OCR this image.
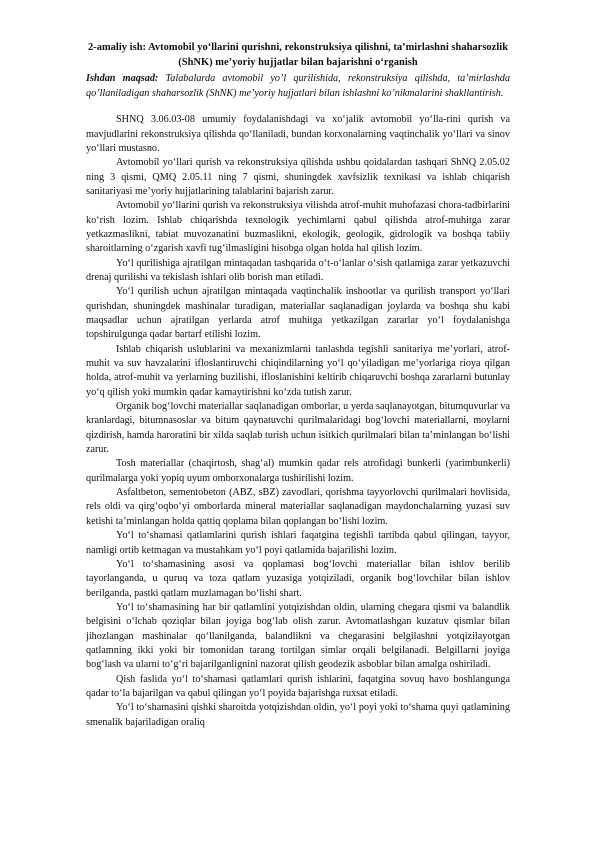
2-amaliy ish: Avtomobil yo‘llarini qurishni, rekonstruksiya qilishni, ta’mirlashni shaharsozlik (ShNK) me’yoriy hujjatlar bilan bajarishni o‘rganish

Ishdan maqsad: Talabalarda avtomobil yo’l qurilishida, rekonstruksiya qilishda, ta’mirlashda qo’llaniladigan shaharsozlik (ShNK) me’yoriy hujjatlari bilan ishlashni ko’nikmalarini shakllantirish.

SHNQ 3.06.03-08 umumiy foydalanishdagi va xo‘jalik avtomobil yo‘lla-rini qurish va mavjudlarini rekonstruksiya qilishda qo‘llaniladi, bundan korxonalarning vaqtinchalik yo‘llari va sinov yo‘llari mustasno.

Avtomobil yo‘llari qurish va rekonstruksiya qilishda ushbu qoidalardan tashqari ShNQ 2.05.02 ning 3 qismi, QMQ 2.05.11 ning 7 qismi, shuningdek xavfsizlik texnikasi va ishlab chiqarish sanitariyasi me’yoriy hujjatlarining talablarini bajarish zarur.

Avtomobil yo‘llarini qurish va rekonstruksiya vilishda atrof-muhit muhofazasi chora-tadbirlarini ko‘rish lozim. Ishlab chiqarishda texnologik yechimlarni qabul qilishda atrof-muhitga zarar yetkazmaslikni, tabiat muvozanatini buzmaslikni, ekologik, geologik, gidrologik va boshqa tabiiy sharoitlarning o‘zgarish xavfi tug‘ilmasligini hisobga olgan holda hal qilish lozim.

Yo‘l qurilishiga ajratilgan mintaqadan tashqarida o‘t-o‘lanlar o‘sish qatlamiga zarar yetkazuvchi drenaj qurilishi va tekislash ishlari olib borish man etiladi.

Yo‘l qurilish uchun ajratilgan mintaqada vaqtinchalik inshootlar va qurilish transport yo‘llari qurishdan, shuningdek mashinalar turadigan, materiallar saqlanadigan joylarda va boshqa shu kabi maqsadlar uchun ajratilgan yerlarda atrof muhitga yetkazilgan zararlar yo‘l foydalanishga topshirulgunga qadar bartarf etilishi lozim.

Ishlab chiqarish uslublarini va mexanizmlarni tanlashda tegishli sanitariya me’yorlari, atrof-muhit va suv havzalarini ifloslantiruvchi chiqindilarning yo‘l qo‘yiladigan me’yorlariga rioya qilgan holda, atrof-muhit va yerlarning buzilishi, ifloslanishini keltirib chiqaruvchi boshqa zararlarni butunlay yo‘q qilish yoki mumkin qadar kamaytirishni ko‘zda tutish zarur.

Organik bog‘lovchi materiallar saqlanadigan omborlar, u yerda saqlanayotgan, bitumquvurlar va kranlardagi, bitumnasoslar va bitum qaynatuvchi qurilmalaridagi bog‘lovchi materiallarni, moylarni qizdirish, hamda haroratini bir xilda saqlab turish uchun isitkich qurilmalari bilan ta’minlangan bo‘lishi zarur.

Tosh materiallar (chaqirtosh, shag‘al) mumkin qadar rels atrofidagi bunkerli (yarimbunkerli) qurilmalarga yoki yopiq uyum omborxonalarga tushirilishi lozim.

Asfaltbeton, sementobeton (ABZ, sBZ) zavodlari, qorishma tayyorlovchi qurilmalari hovlisida, rels oldi va qirg‘oqbo‘yi omborlarda mineral materiallar saqlanadigan maydonchalarning yuzasi suv ketishi ta’minlangan holda qattiq qoplama bilan qoplangan bo‘lishi lozim.

Yo‘l to‘shamasi qatlamlarini qurish ishlari faqatgina tegishli tartibda qabul qilingan, tayyor, namligi ortib ketmagan va mustahkam yo‘l poyi qatlamida bajarilishi lozim.

Yo‘l to‘shamasining asosi va qoplamasi bog‘lovchi materiallar bilan ishlov berilib tayorlanganda, u quruq va toza qatlam yuzasiga yotqiziladi, organik bog‘lovchilar bilan ishlov berilganda, pastki qatlam muzlamagan bo‘lishi shart.

Yo‘l to‘shamasining har bir qatlamlini yotqizishdan oldin, ularning chegara qismi va balandlik belgisini o‘lchab qoziqlar bilan joyiga bog‘lab olish zarur. Avtomatlashgan kuzatuv qismlar bilan jihozlangan mashinalar qo‘llanilganda, balandlikni va chegarasini belgilashni yotqizilayotgan qatlamning ikki yoki bir tomonidan tarang tortilgan simlar orqali belgilanadi. Belgillarni joyiga bog‘lash va ularni to‘g‘ri bajarilganlignini nazorat qilish geodezik asboblar bilan amalga oshiriladi.

Qish faslida yo‘l to‘shamasi qatlamlari qurish ishlarini, faqatgina sovuq havo boshlangunga qadar to‘la bajarilgan va qabul qilingan yo‘l poyida bajarishga ruxsat etiladi.

Yo‘l to‘shamasini qishki sharoitda yotqizishdan oldin, yo‘l poyi yoki to‘shama quyi qatlamining smenalik bajariladigan oraliq
